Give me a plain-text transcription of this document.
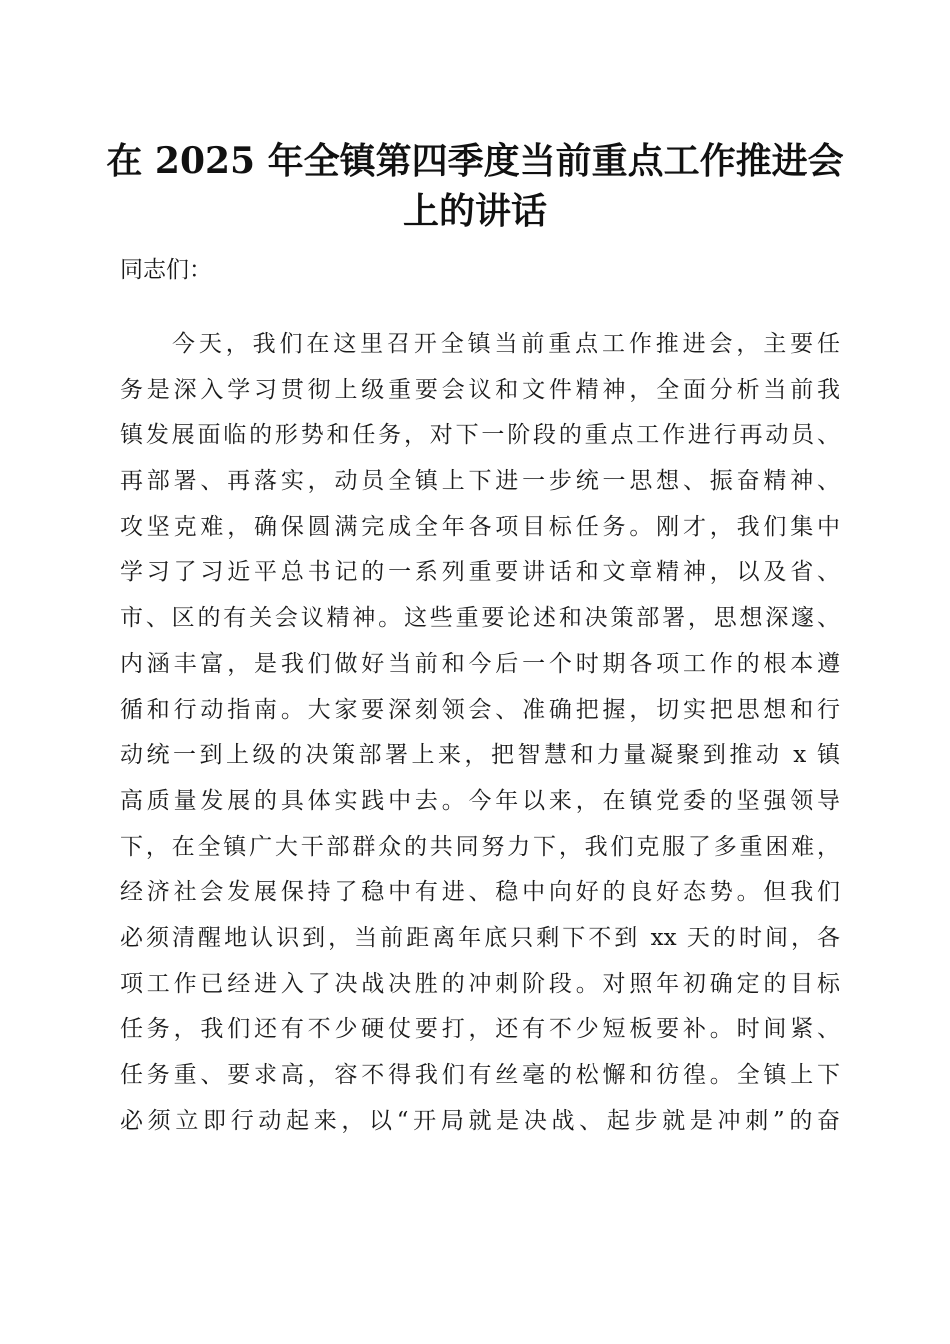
在 2025 年全镇第四季度当前重点工作推进会
上的讲话

同志们：

今天，我们在这里召开全镇当前重点工作推进会，主要任
务是深入学习贯彻上级重要会议和文件精神，全面分析当前我
镇发展面临的形势和任务，对下一阶段的重点工作进行再动员、
再部署、再落实，动员全镇上下进一步统一思想、振奋精神、
攻坚克难，确保圆满完成全年各项目标任务。刚才，我们集中
学习了习近平总书记的一系列重要讲话和文章精神，以及省、
市、区的有关会议精神。这些重要论述和决策部署，思想深邃、
内涵丰富，是我们做好当前和今后一个时期各项工作的根本遵
循和行动指南。大家要深刻领会、准确把握，切实把思想和行
动统一到上级的决策部署上来，把智慧和力量凝聚到推动 x 镇
高质量发展的具体实践中去。今年以来，在镇党委的坚强领导
下，在全镇广大干部群众的共同努力下，我们克服了多重困难，
经济社会发展保持了稳中有进、稳中向好的良好态势。但我们
必须清醒地认识到，当前距离年底只剩下不到 xx 天的时间，各
项工作已经进入了决战决胜的冲刺阶段。对照年初确定的目标
任务，我们还有不少硬仗要打，还有不少短板要补。时间紧、
任务重、要求高，容不得我们有丝毫的松懈和彷徨。全镇上下
必须立即行动起来，以“开局就是决战、起步就是冲刺”的奋
